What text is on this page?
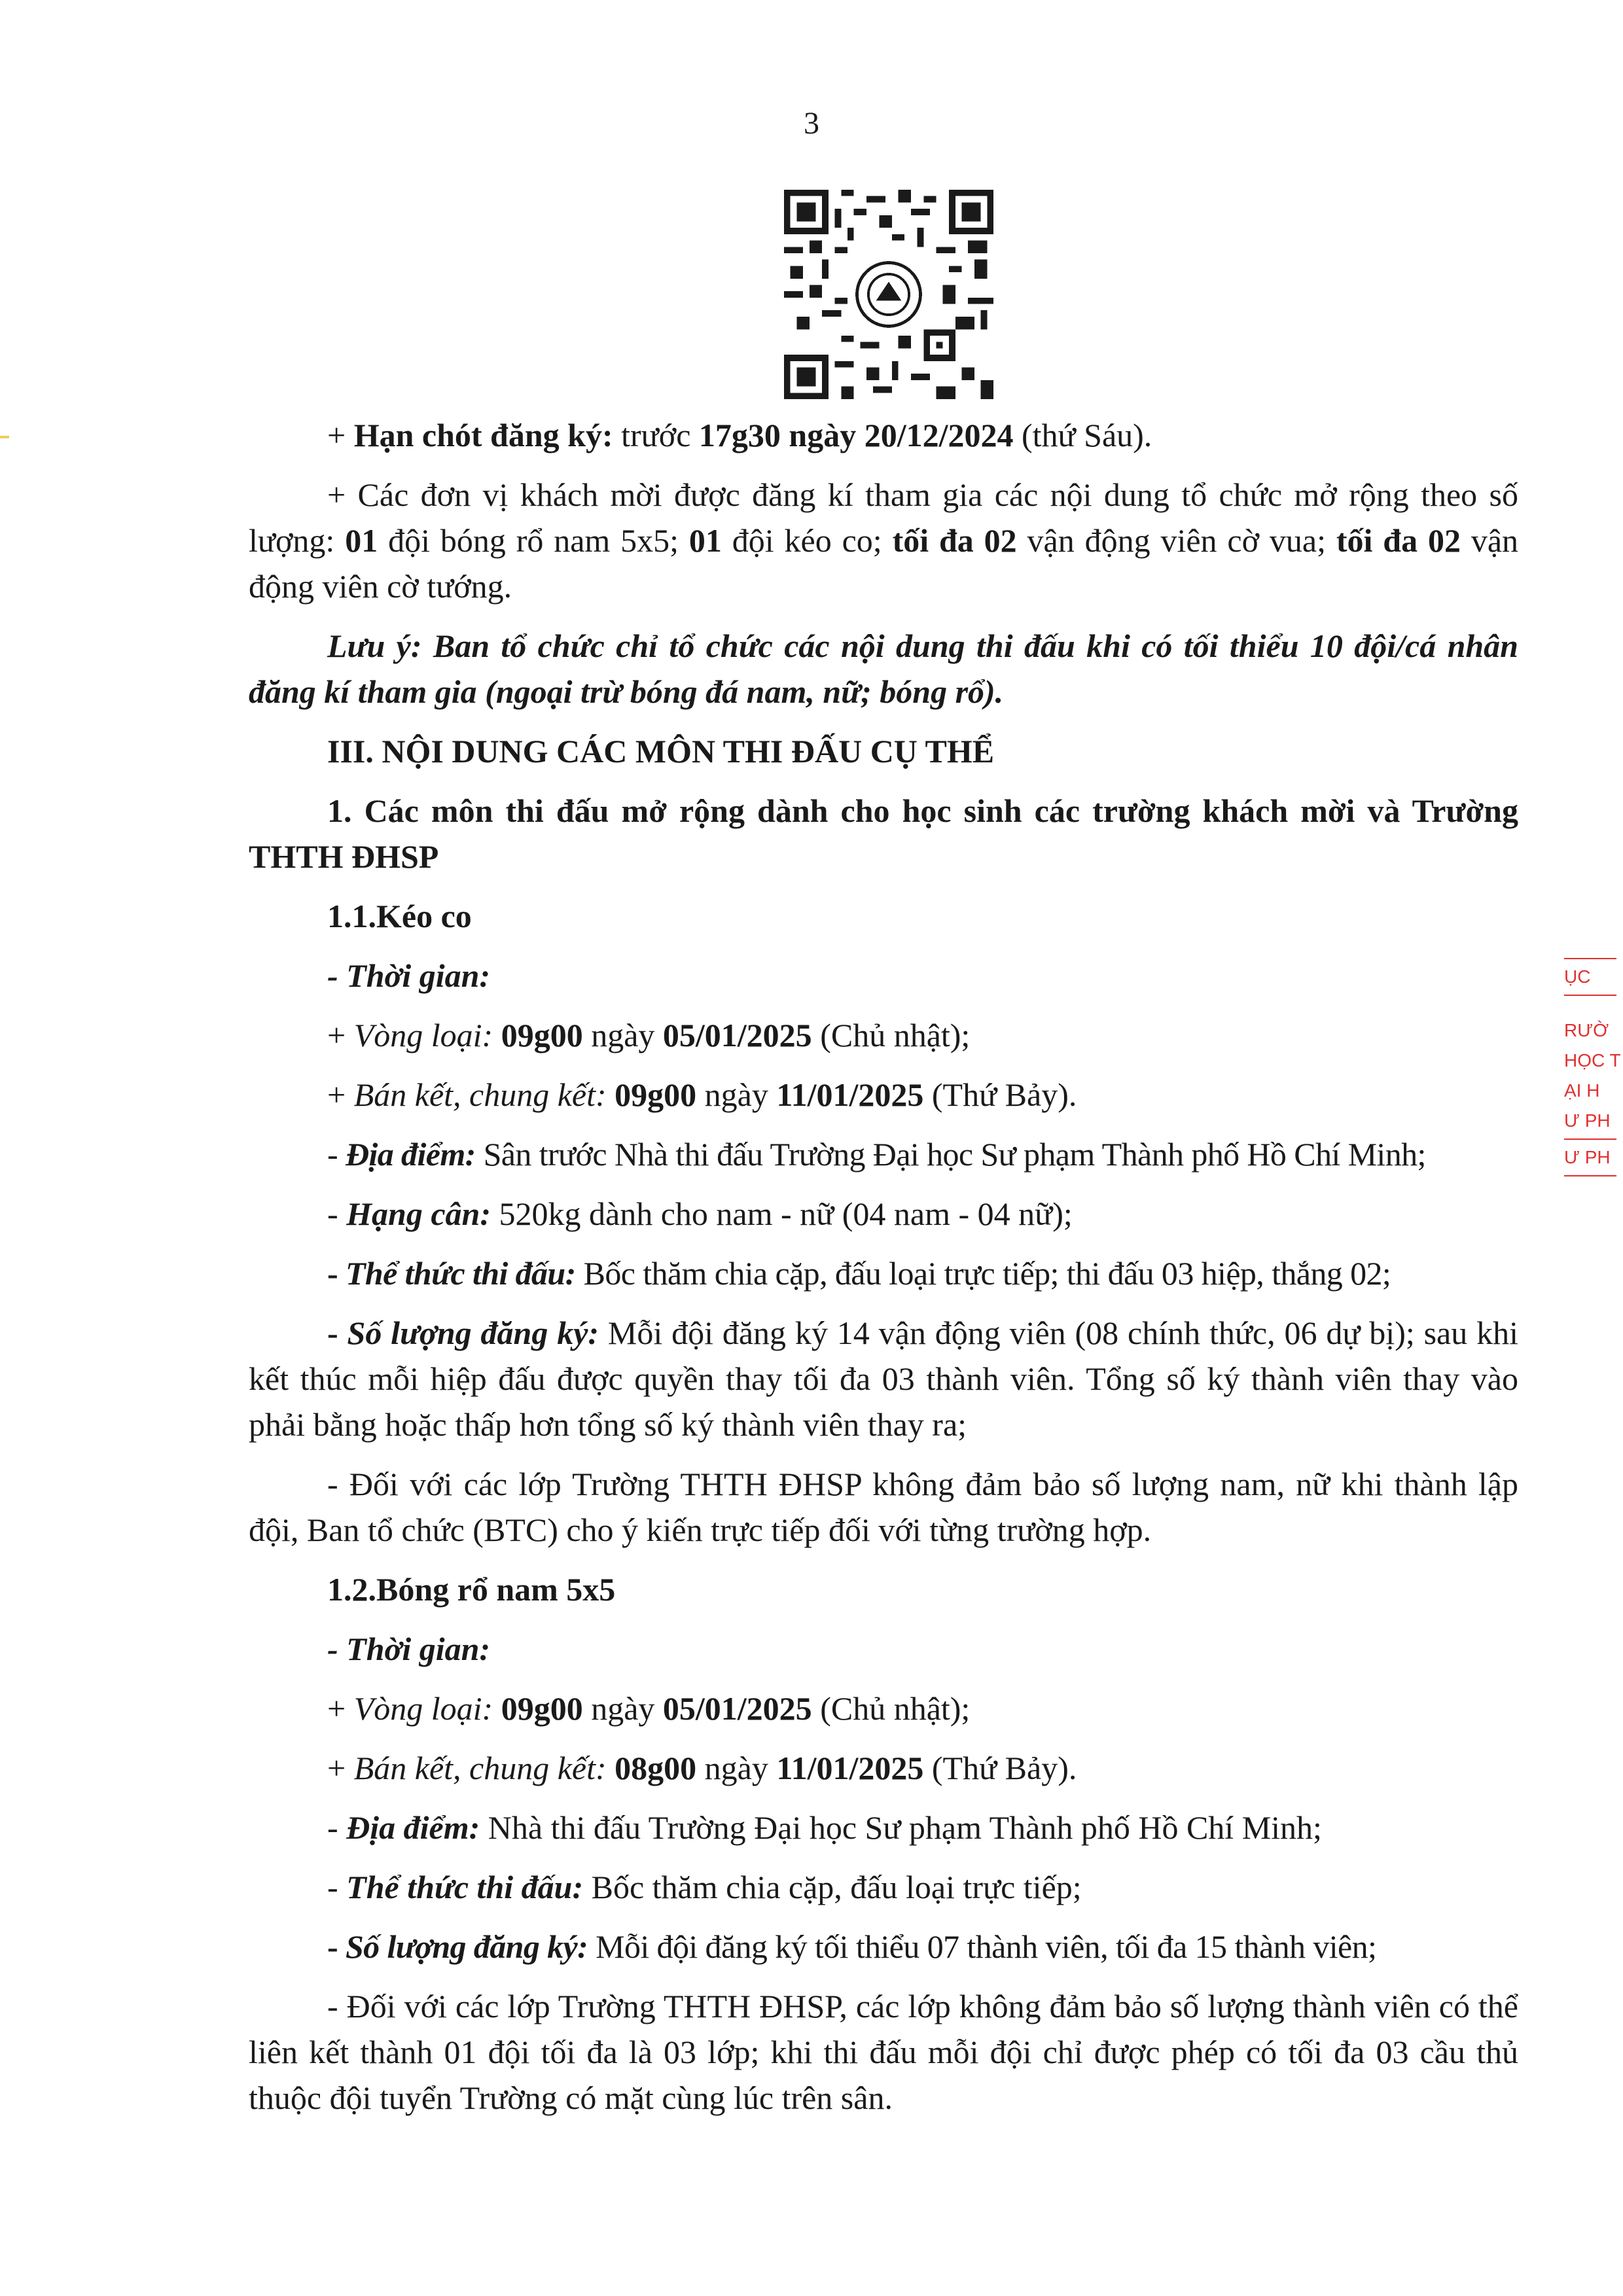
3
+ Hạn chót đăng ký: trước 17g30 ngày 20/12/2024 (thứ Sáu).

+ Các đơn vị khách mời được đăng kí tham gia các nội dung tổ chức mở rộng theo số lượng: 01 đội bóng rổ nam 5x5; 01 đội kéo co; tối đa 02 vận động viên cờ vua; tối đa 02 vận động viên cờ tướng.

Lưu ý: Ban tổ chức chỉ tổ chức các nội dung thi đấu khi có tối thiểu 10 đội/cá nhân đăng kí tham gia (ngoại trừ bóng đá nam, nữ; bóng rổ).

III. NỘI DUNG CÁC MÔN THI ĐẤU CỤ THỂ

1. Các môn thi đấu mở rộng dành cho học sinh các trường khách mời và Trường THTH ĐHSP

1.1.Kéo co
- Thời gian:
+ Vòng loại: 09g00 ngày 05/01/2025 (Chủ nhật);
+ Bán kết, chung kết: 09g00 ngày 11/01/2025 (Thứ Bảy).
- Địa điểm: Sân trước Nhà thi đấu Trường Đại học Sư phạm Thành phố Hồ Chí Minh;
- Hạng cân: 520kg dành cho nam - nữ (04 nam - 04 nữ);
- Thể thức thi đấu: Bốc thăm chia cặp, đấu loại trực tiếp; thi đấu 03 hiệp, thắng 02;

- Số lượng đăng ký: Mỗi đội đăng ký 14 vận động viên (08 chính thức, 06 dự bị); sau khi kết thúc mỗi hiệp đấu được quyền thay tối đa 03 thành viên. Tổng số ký thành viên thay vào phải bằng hoặc thấp hơn tổng số ký thành viên thay ra;

- Đối với các lớp Trường THTH ĐHSP không đảm bảo số lượng nam, nữ khi thành lập đội, Ban tổ chức (BTC) cho ý kiến trực tiếp đối với từng trường hợp.

1.2.Bóng rổ nam 5x5
- Thời gian:
+ Vòng loại: 09g00 ngày 05/01/2025 (Chủ nhật);
+ Bán kết, chung kết: 08g00 ngày 11/01/2025 (Thứ Bảy).
- Địa điểm: Nhà thi đấu Trường Đại học Sư phạm Thành phố Hồ Chí Minh;
- Thể thức thi đấu: Bốc thăm chia cặp, đấu loại trực tiếp;
- Số lượng đăng ký: Mỗi đội đăng ký tối thiểu 07 thành viên, tối đa 15 thành viên;

- Đối với các lớp Trường THTH ĐHSP, các lớp không đảm bảo số lượng thành viên có thể liên kết thành 01 đội tối đa là 03 lớp; khi thi đấu mỗi đội chỉ được phép có tối đa 03 cầu thủ thuộc đội tuyển Trường có mặt cùng lúc trên sân.

ỤC
RƯỜ
HỌC T
ẠI H
Ư PH
Ư PH
